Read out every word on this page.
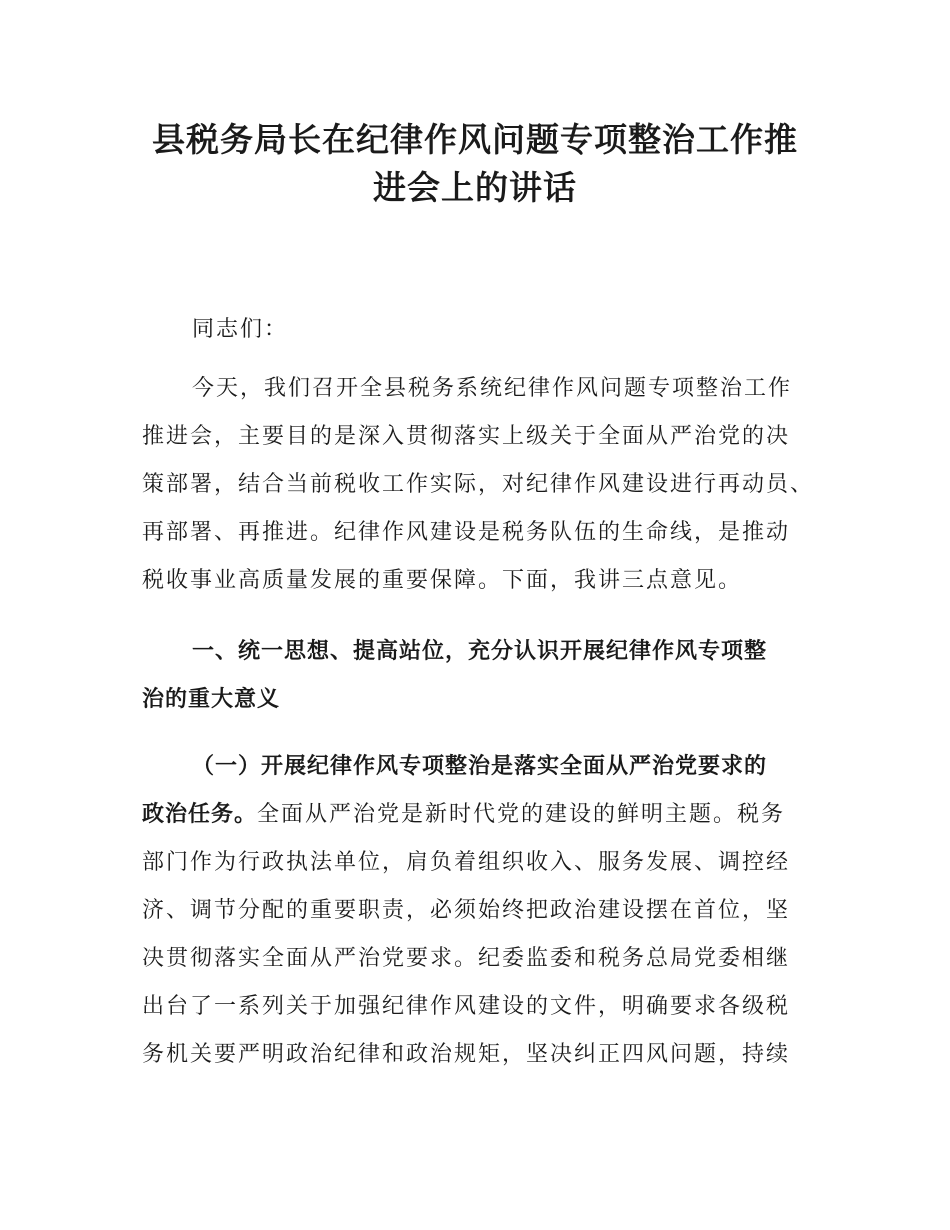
县税务局长在纪律作风问题专项整治工作推
进会上的讲话

同志们：

今天，我们召开全县税务系统纪律作风问题专项整治工作
推进会，主要目的是深入贯彻落实上级关于全面从严治党的决
策部署，结合当前税收工作实际，对纪律作风建设进行再动员、
再部署、再推进。纪律作风建设是税务队伍的生命线，是推动
税收事业高质量发展的重要保障。下面，我讲三点意见。
一、统一思想、提高站位，充分认识开展纪律作风专项整
治的重大意义
（一）开展纪律作风专项整治是落实全面从严治党要求的
政治任务。全面从严治党是新时代党的建设的鲜明主题。税务
部门作为行政执法单位，肩负着组织收入、服务发展、调控经
济、调节分配的重要职责，必须始终把政治建设摆在首位，坚
决贯彻落实全面从严治党要求。纪委监委和税务总局党委相继
出台了一系列关于加强纪律作风建设的文件，明确要求各级税
务机关要严明政治纪律和政治规矩，坚决纠正四风问题，持续
